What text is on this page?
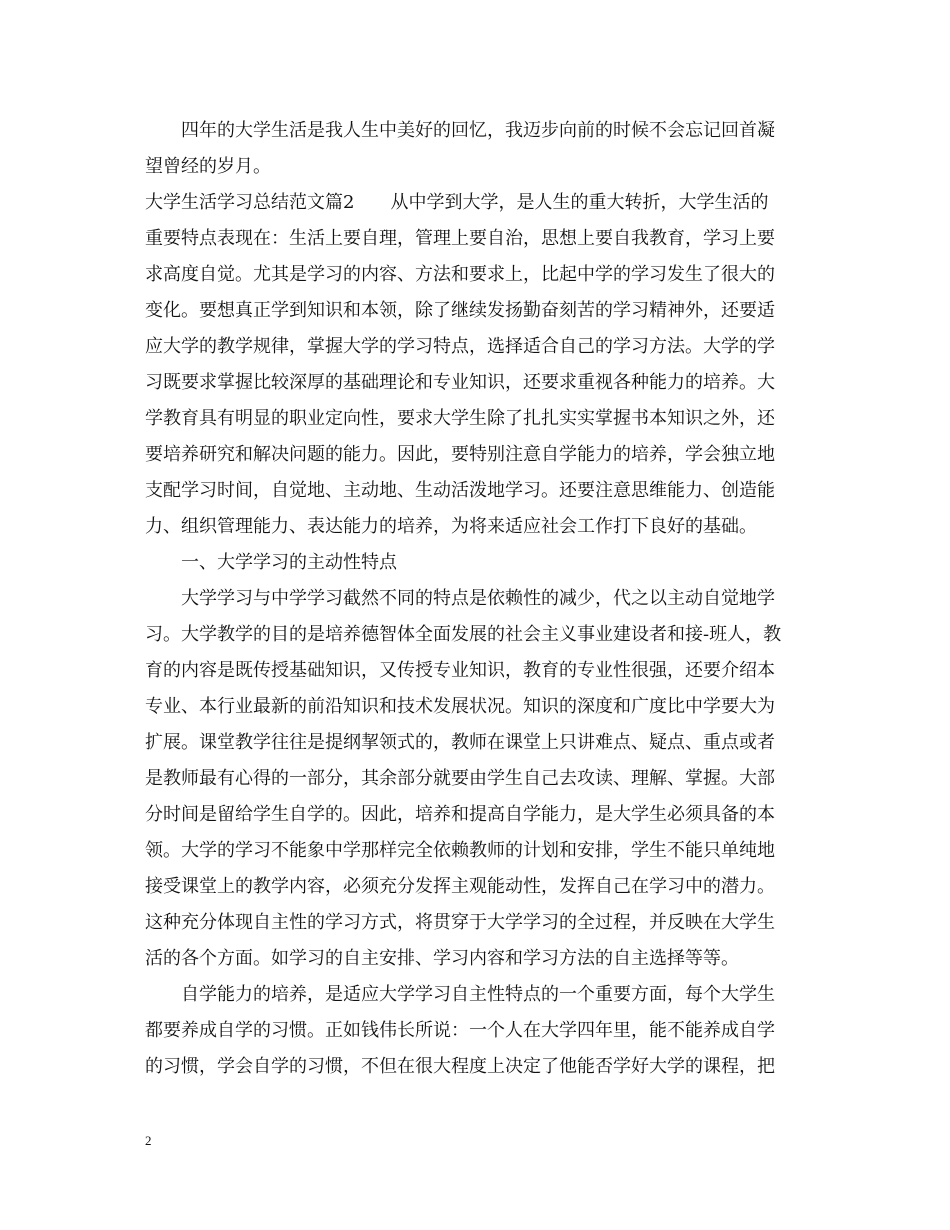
　　四年的大学生活是我人生中美好的回忆，我迈步向前的时候不会忘记回首凝
望曾经的岁月。
大学生活学习总结范文篇2　　从中学到大学，是人生的重大转折，大学生活的
重要特点表现在：生活上要自理，管理上要自治，思想上要自我教育，学习上要
求高度自觉。尤其是学习的内容、方法和要求上，比起中学的学习发生了很大的
变化。要想真正学到知识和本领，除了继续发扬勤奋刻苦的学习精神外，还要适
应大学的教学规律，掌握大学的学习特点，选择适合自己的学习方法。大学的学
习既要求掌握比较深厚的基础理论和专业知识，还要求重视各种能力的培养。大
学教育具有明显的职业定向性，要求大学生除了扎扎实实掌握书本知识之外，还
要培养研究和解决问题的能力。因此，要特别注意自学能力的培养，学会独立地
支配学习时间，自觉地、主动地、生动活泼地学习。还要注意思维能力、创造能
力、组织管理能力、表达能力的培养，为将来适应社会工作打下良好的基础。
　　一、大学学习的主动性特点
　　大学学习与中学学习截然不同的特点是依赖性的减少，代之以主动自觉地学
习。大学教学的目的是培养德智体全面发展的社会主义事业建设者和接-班人，教
育的内容是既传授基础知识，又传授专业知识，教育的专业性很强，还要介绍本
专业、本行业最新的前沿知识和技术发展状况。知识的深度和广度比中学要大为
扩展。课堂教学往往是提纲挈领式的，教师在课堂上只讲难点、疑点、重点或者
是教师最有心得的一部分，其余部分就要由学生自己去攻读、理解、掌握。大部
分时间是留给学生自学的。因此，培养和提高自学能力，是大学生必须具备的本
领。大学的学习不能象中学那样完全依赖教师的计划和安排，学生不能只单纯地
接受课堂上的教学内容，必须充分发挥主观能动性，发挥自己在学习中的潜力。
这种充分体现自主性的学习方式，将贯穿于大学学习的全过程，并反映在大学生
活的各个方面。如学习的自主安排、学习内容和学习方法的自主选择等等。
　　自学能力的培养，是适应大学学习自主性特点的一个重要方面，每个大学生
都要养成自学的习惯。正如钱伟长所说：一个人在大学四年里，能不能养成自学
的习惯，学会自学的习惯，不但在很大程度上决定了他能否学好大学的课程，把
2
